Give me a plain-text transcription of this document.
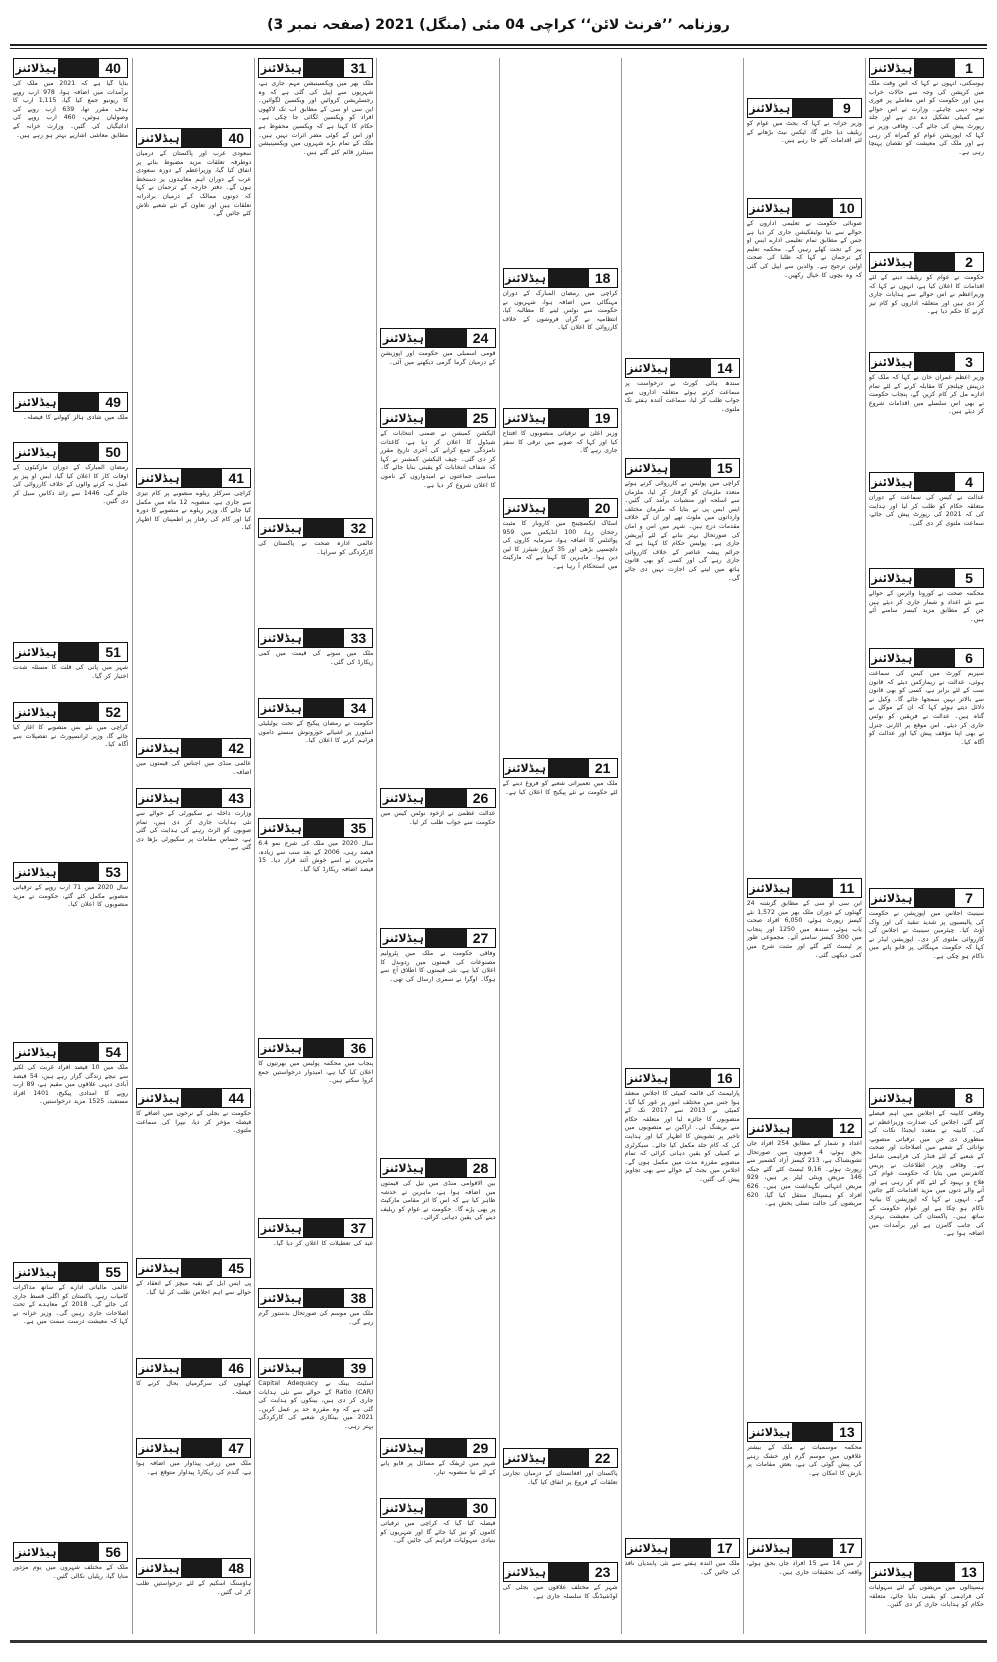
روزنامہ ’’فرنٹ لائن‘‘ کراچی 04 مئی (منگل) 2021 (صفحہ نمبر 3)
1
ہیڈلائنز
ہوسکتی، انہوں نے کہا کہ اس وقت ملک میں کرپشن کی وجہ سے حالات خراب ہیں اور حکومت کو اس معاملے پر فوری توجہ دینی چاہئے۔ وزارت نے اس حوالے سے کمیٹی تشکیل دے دی ہے اور جلد رپورٹ پیش کی جائے گی۔ وفاقی وزیر نے کہا کہ اپوزیشن عوام کو گمراہ کر رہی ہے اور ملک کی معیشت کو نقصان پہنچا رہی ہے۔
2
ہیڈلائنز
حکومت نے عوام کو ریلیف دینے کے لئے اقدامات کا اعلان کیا ہے، انہوں نے کہا کہ وزیراعظم نے اس حوالے سے ہدایات جاری کر دی ہیں اور متعلقہ اداروں کو کام تیز کرنے کا حکم دیا ہے۔
3
ہیڈلائنز
وزیر اعظم عمران خان نے کہا کہ ملک کو درپیش چیلنجز کا مقابلہ کرنے کے لئے تمام ادارے مل کر کام کریں گے، پنجاب حکومت نے بھی اس سلسلے میں اقدامات شروع کر دیئے ہیں۔
4
ہیڈلائنز
عدالت نے کیس کی سماعت کے دوران متعلقہ حکام کو طلب کر لیا اور ہدایت کی کہ 2021 کی رپورٹ پیش کی جائے، سماعت ملتوی کر دی گئی۔
5
ہیڈلائنز
محکمہ صحت نے کورونا وائرس کے حوالے سے نئے اعداد و شمار جاری کر دیئے ہیں جن کے مطابق مزید کیسز سامنے آئے ہیں۔
6
ہیڈلائنز
سپریم کورٹ میں کیس کی سماعت ہوئی، عدالت نے ریمارکس دیئے کہ قانون سب کے لئے برابر ہے، کسی کو بھی قانون سے بالاتر نہیں سمجھا جائے گا۔ وکیل نے دلائل دیتے ہوئے کہا کہ ان کے موکل بے گناہ ہیں۔ عدالت نے فریقین کو نوٹس جاری کر دیئے۔ اس موقع پر اٹارنی جنرل نے بھی اپنا مؤقف پیش کیا اور عدالت کو آگاہ کیا۔
7
ہیڈلائنز
سینیٹ اجلاس میں اپوزیشن نے حکومت کی پالیسیوں پر شدید تنقید کی اور واک آؤٹ کیا۔ چیئرمین سینیٹ نے اجلاس کی کارروائی ملتوی کر دی۔ اپوزیشن لیڈر نے کہا کہ حکومت مہنگائی پر قابو پانے میں ناکام ہو چکی ہے۔
8
ہیڈلائنز
وفاقی کابینہ کے اجلاس میں اہم فیصلے کئے گئے، اجلاس کی صدارت وزیراعظم نے کی۔ کابینہ نے متعدد ایجنڈا نکات کی منظوری دی جن میں ترقیاتی منصوبے، توانائی کے شعبے میں اصلاحات اور صحت کے شعبے کے لئے فنڈز کی فراہمی شامل ہے۔ وفاقی وزیر اطلاعات نے پریس کانفرنس میں بتایا کہ حکومت عوام کی فلاح و بہبود کے لئے کام کر رہی ہے اور آنے والے دنوں میں مزید اقدامات کئے جائیں گے۔ انہوں نے کہا کہ اپوزیشن کا بیانیہ ناکام ہو چکا ہے اور عوام حکومت کے ساتھ ہیں۔ پاکستان کی معیشت بہتری کی جانب گامزن ہے اور برآمدات میں اضافہ ہوا ہے۔
13
ہیڈلائنز
ہسپتالوں میں مریضوں کے لئے سہولیات کی فراہمی کو یقینی بنایا جائے، متعلقہ حکام کو ہدایات جاری کر دی گئیں۔
9
ہیڈلائنز
وزیر خزانہ نے کہا کہ بجٹ میں عوام کو ریلیف دیا جائے گا، ٹیکس نیٹ بڑھانے کے لئے اقدامات کئے جا رہے ہیں۔
10
ہیڈلائنز
صوبائی حکومت نے تعلیمی اداروں کے حوالے سے نیا نوٹیفکیشن جاری کر دیا ہے جس کے مطابق تمام تعلیمی ادارے ایس او پیز کے تحت کھلے رہیں گے۔ محکمہ تعلیم کے ترجمان نے کہا کہ طلبا کی صحت اولین ترجیح ہے۔ والدین سے اپیل کی گئی کہ وہ بچوں کا خیال رکھیں۔
11
ہیڈلائنز
این سی او سی کے مطابق گزشتہ 24 گھنٹوں کے دوران ملک بھر میں 1,572 نئے کیسز رپورٹ ہوئے، 6,050 افراد صحت یاب ہوئے، سندھ میں 1250 اور پنجاب میں 300 کیسز سامنے آئے۔ مجموعی طور پر ٹیسٹ کئے گئے اور مثبت شرح میں کمی دیکھی گئی۔
12
ہیڈلائنز
اعداد و شمار کے مطابق 254 افراد جاں بحق ہوئے، 4 صوبوں میں صورتحال تشویشناک ہے، 213 کیسز آزاد کشمیر سے رپورٹ ہوئے۔ 9,16 ٹیسٹ کئے گئے جبکہ 146 مریض وینٹی لیٹر پر ہیں، 929 مریض انتہائی نگہداشت میں ہیں۔ 626 افراد کو ہسپتال منتقل کیا گیا، 620 مریضوں کی حالت تسلی بخش ہے۔
13
ہیڈلائنز
محکمہ موسمیات نے ملک کے بیشتر علاقوں میں موسم گرم اور خشک رہنے کی پیش گوئی کی ہے، بعض مقامات پر بارش کا امکان ہے۔
17
ہیڈلائنز
آر میں 14 سے 15 افراد جاں بحق ہوئے، واقعہ کی تحقیقات جاری ہیں۔
14
ہیڈلائنز
سندھ ہائی کورٹ نے درخواست پر سماعت کرتے ہوئے متعلقہ اداروں سے جواب طلب کر لیا، سماعت آئندہ ہفتے تک ملتوی۔
15
ہیڈلائنز
کراچی میں پولیس نے کارروائی کرتے ہوئے متعدد ملزمان کو گرفتار کر لیا، ملزمان سے اسلحہ اور منشیات برآمد کی گئیں۔ ایس ایس پی نے بتایا کہ ملزمان مختلف وارداتوں میں ملوث تھے اور ان کے خلاف مقدمات درج ہیں۔ شہر میں امن و امان کی صورتحال بہتر بنانے کے لئے آپریشن جاری ہے۔ پولیس حکام کا کہنا ہے کہ جرائم پیشہ عناصر کے خلاف کارروائی جاری رہے گی اور کسی کو بھی قانون ہاتھ میں لینے کی اجازت نہیں دی جائے گی۔
16
ہیڈلائنز
پارلیمنٹ کی قائمہ کمیٹی کا اجلاس منعقد ہوا جس میں مختلف امور پر غور کیا گیا۔ کمیٹی نے 2013 سے 2017 تک کے منصوبوں کا جائزہ لیا اور متعلقہ حکام سے بریفنگ لی۔ اراکین نے منصوبوں میں تاخیر پر تشویش کا اظہار کیا اور ہدایت کی کہ کام جلد مکمل کیا جائے۔ سیکرٹری نے کمیٹی کو یقین دہانی کرائی کہ تمام منصوبے مقررہ مدت میں مکمل ہوں گے۔ اجلاس میں بجٹ کے حوالے سے بھی تجاویز پیش کی گئیں۔
17
ہیڈلائنز
ملک میں آئندہ ہفتے سے نئی پابندیاں نافذ کی جائیں گی۔
18
ہیڈلائنز
کراچی میں رمضان المبارک کے دوران مہنگائی میں اضافہ ہوا، شہریوں نے حکومت سے نوٹس لینے کا مطالبہ کیا، انتظامیہ نے گراں فروشوں کے خلاف کارروائی کا اعلان کیا۔
19
ہیڈلائنز
وزیر اعلیٰ نے ترقیاتی منصوبوں کا افتتاح کیا اور کہا کہ صوبے میں ترقی کا سفر جاری رہے گا۔
20
ہیڈلائنز
اسٹاک ایکسچینج میں کاروبار کا مثبت رجحان رہا، 100 انڈیکس میں 959 پوائنٹس کا اضافہ ہوا، سرمایہ کاروں کی دلچسپی بڑھی اور 35 کروڑ شیئرز کا لین دین ہوا۔ ماہرین کا کہنا ہے کہ مارکیٹ میں استحکام آ رہا ہے۔
21
ہیڈلائنز
ملک میں تعمیراتی شعبے کو فروغ دینے کے لئے حکومت نے نئے پیکیج کا اعلان کیا ہے۔
22
ہیڈلائنز
پاکستان اور افغانستان کے درمیان تجارتی تعلقات کے فروغ پر اتفاق کیا گیا۔
23
ہیڈلائنز
شہر کے مختلف علاقوں میں بجلی کی لوڈشیڈنگ کا سلسلہ جاری ہے۔
24
ہیڈلائنز
قومی اسمبلی میں حکومت اور اپوزیشن کے درمیان گرما گرمی دیکھنے میں آئی۔
25
ہیڈلائنز
الیکشن کمیشن نے ضمنی انتخابات کے شیڈول کا اعلان کر دیا ہے، کاغذات نامزدگی جمع کرانے کی آخری تاریخ مقرر کر دی گئی۔ چیف الیکشن کمشنر نے کہا کہ شفاف انتخابات کو یقینی بنایا جائے گا۔ سیاسی جماعتوں نے امیدواروں کے ناموں کا اعلان شروع کر دیا ہے۔
26
ہیڈلائنز
عدالت عظمیٰ نے ازخود نوٹس کیس میں حکومت سے جواب طلب کر لیا۔
27
ہیڈلائنز
وفاقی حکومت نے ملک میں پٹرولیم مصنوعات کی قیمتوں میں ردوبدل کا اعلان کیا ہے، نئی قیمتوں کا اطلاق آج سے ہوگا۔ اوگرا نے سمری ارسال کی تھی۔
28
ہیڈلائنز
بین الاقوامی منڈی میں تیل کی قیمتوں میں اضافہ ہوا ہے، ماہرین نے خدشہ ظاہر کیا ہے کہ اس کا اثر مقامی مارکیٹ پر بھی پڑے گا۔ حکومت نے عوام کو ریلیف دینے کی یقین دہانی کرائی۔
29
ہیڈلائنز
شہر میں ٹریفک کے مسائل پر قابو پانے کے لئے نیا منصوبہ تیار۔
30
ہیڈلائنز
فیصلہ کیا گیا کہ کراچی میں ترقیاتی کاموں کو تیز کیا جائے گا اور شہریوں کو بنیادی سہولیات فراہم کی جائیں گی۔
31
ہیڈلائنز
ملک بھر میں ویکسینیشن مہم جاری ہے، شہریوں سے اپیل کی گئی ہے کہ وہ رجسٹریشن کروائیں اور ویکسین لگوائیں۔ این سی او سی کے مطابق اب تک لاکھوں افراد کو ویکسین لگائی جا چکی ہے۔ حکام کا کہنا ہے کہ ویکسین محفوظ ہے اور اس کے کوئی مضر اثرات نہیں ہیں۔ ملک کے تمام بڑے شہروں میں ویکسینیشن سینٹرز قائم کئے گئے ہیں۔
32
ہیڈلائنز
عالمی ادارہ صحت نے پاکستان کی کارکردگی کو سراہا۔
33
ہیڈلائنز
ملک میں سونے کی قیمت میں کمی ریکارڈ کی گئی۔
34
ہیڈلائنز
حکومت نے رمضان پیکیج کے تحت یوٹیلیٹی اسٹورز پر اشیائے خورونوش سستے داموں فراہم کرنے کا اعلان کیا۔
35
ہیڈلائنز
سال 2020 میں ملک کی شرح نمو 6.4 فیصد رہی، 2006 کے بعد سب سے زیادہ، ماہرین نے اسے خوش آئند قرار دیا۔ 15 فیصد اضافہ ریکارڈ کیا گیا۔
36
ہیڈلائنز
پنجاب میں محکمہ پولیس میں بھرتیوں کا اعلان کیا گیا ہے، امیدوار درخواستیں جمع کروا سکتے ہیں۔
37
ہیڈلائنز
عید کی تعطیلات کا اعلان کر دیا گیا۔
38
ہیڈلائنز
ملک میں موسم کی صورتحال بدستور گرم رہے گی۔
39
ہیڈلائنز
اسٹیٹ بینک نے Capital Adequacy Ratio (CAR) کے حوالے سے نئی ہدایات جاری کر دی ہیں، بینکوں کو ہدایت کی گئی ہے کہ وہ مقررہ حد پر عمل کریں۔ 2021 میں بینکاری شعبے کی کارکردگی بہتر رہی۔
40
ہیڈلائنز
سعودی عرب اور پاکستان کے درمیان دوطرفہ تعلقات مزید مضبوط بنانے پر اتفاق کیا گیا، وزیراعظم کے دورہ سعودی عرب کے دوران اہم معاہدوں پر دستخط ہوں گے۔ دفتر خارجہ کے ترجمان نے کہا کہ دونوں ممالک کے درمیان برادرانہ تعلقات ہیں اور تعاون کے نئے شعبے تلاش کئے جائیں گے۔
41
ہیڈلائنز
کراچی سرکلر ریلوے منصوبے پر کام تیزی سے جاری ہے، منصوبہ 12 ماہ میں مکمل کیا جائے گا، وزیر ریلوے نے منصوبے کا دورہ کیا اور کام کی رفتار پر اطمینان کا اظہار کیا۔
42
ہیڈلائنز
عالمی منڈی میں اجناس کی قیمتوں میں اضافہ۔
43
ہیڈلائنز
وزارت داخلہ نے سکیورٹی کے حوالے سے نئی ہدایات جاری کر دی ہیں، تمام صوبوں کو الرٹ رہنے کی ہدایت کی گئی ہے، حساس مقامات پر سکیورٹی بڑھا دی گئی ہے۔
44
ہیڈلائنز
حکومت نے بجلی کے نرخوں میں اضافے کا فیصلہ مؤخر کر دیا، نیپرا کی سماعت ملتوی۔
45
ہیڈلائنز
پی ایس ایل کے بقیہ میچز کے انعقاد کے حوالے سے اہم اجلاس طلب کر لیا گیا۔
46
ہیڈلائنز
کھیلوں کی سرگرمیاں بحال کرنے کا فیصلہ۔
47
ہیڈلائنز
ملک میں زرعی پیداوار میں اضافہ ہوا ہے، گندم کی ریکارڈ پیداوار متوقع ہے۔
48
ہیڈلائنز
ہاؤسنگ اسکیم کے لئے درخواستیں طلب کر لی گئیں۔
40
ہیڈلائنز
بتایا گیا ہے کہ 2021 میں ملک کی برآمدات میں اضافہ ہوا، 978 ارب روپے کا ریونیو جمع کیا گیا، 1,115 ارب کا ہدف مقرر تھا، 639 ارب روپے کی وصولیاں ہوئیں، 460 ارب روپے کی ادائیگیاں کی گئیں۔ وزارت خزانہ کے مطابق معاشی اشاریے بہتر ہو رہے ہیں۔
49
ہیڈلائنز
ملک میں شادی ہالز کھولنے کا فیصلہ۔
50
ہیڈلائنز
رمضان المبارک کے دوران مارکیٹوں کے اوقات کار کا اعلان کیا گیا، ایس او پیز پر عمل نہ کرنے والوں کے خلاف کارروائی کی جائے گی، 1446 سے زائد دکانیں سیل کر دی گئیں۔
51
ہیڈلائنز
شہر میں پانی کی قلت کا مسئلہ شدت اختیار کر گیا۔
52
ہیڈلائنز
کراچی میں نئے بس منصوبے کا آغاز کیا جائے گا، وزیر ٹرانسپورٹ نے تفصیلات سے آگاہ کیا۔
53
ہیڈلائنز
سال 2020 میں 71 ارب روپے کے ترقیاتی منصوبے مکمل کئے گئے، حکومت نے مزید منصوبوں کا اعلان کیا۔
54
ہیڈلائنز
ملک میں 10 فیصد افراد غربت کی لکیر سے نیچے زندگی گزار رہے ہیں، 54 فیصد آبادی دیہی علاقوں میں مقیم ہے، 89 ارب روپے کا امدادی پیکیج، 1401 افراد مستفید، 1525 مزید درخواستیں۔
55
ہیڈلائنز
عالمی مالیاتی ادارے کے ساتھ مذاکرات کامیاب رہے، پاکستان کو اگلی قسط جاری کی جائے گی، 2018 کے معاہدے کے تحت اصلاحات جاری رہیں گی۔ وزیر خزانہ نے کہا کہ معیشت درست سمت میں ہے۔
56
ہیڈلائنز
ملک کے مختلف شہروں میں یوم مزدور منایا گیا، ریلیاں نکالی گئیں۔
